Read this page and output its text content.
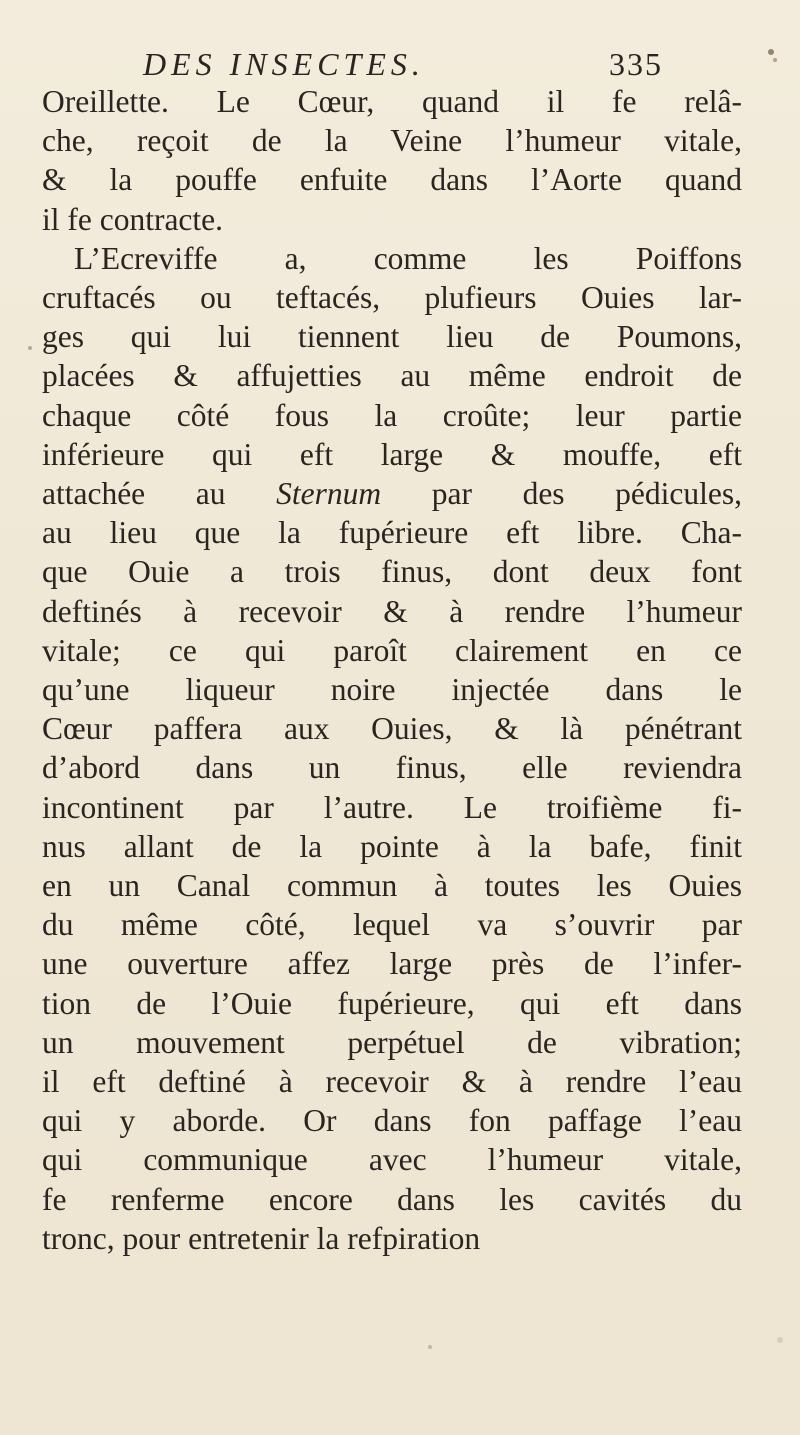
DES INSECTES.	335

Oreillette. Le Cœur, quand il fe relâ-
che, reçoit de la Veine l’humeur vitale,
& la pouffe enfuite dans l’Aorte quand
il fe contracte.
L’Ecreviffe a, comme les Poiffons
cruftacés ou teftacés, plufieurs Ouies lar-
ges qui lui tiennent lieu de Poumons,
placées & affujetties au même endroit de
chaque côté fous la croûte; leur partie
inférieure qui eft large & mouffe, eft
attachée au Sternum par des pédicules,
au lieu que la fupérieure eft libre. Cha-
que Ouie a trois finus, dont deux font
deftinés à recevoir & à rendre l’humeur
vitale; ce qui paroît clairement en ce
qu’une liqueur noire injectée dans le
Cœur paffera aux Ouies, & là pénétrant
d’abord dans un finus, elle reviendra
incontinent par l’autre. Le troifième fi-
nus allant de la pointe à la bafe, finit
en un Canal commun à toutes les Ouies
du même côté, lequel va s’ouvrir par
une ouverture affez large près de l’infer-
tion de l’Ouie fupérieure, qui eft dans
un mouvement perpétuel de vibration;
il eft deftiné à recevoir & à rendre l’eau
qui y aborde. Or dans fon paffage l’eau
qui communique avec l’humeur vitale,
fe renferme encore dans les cavités du
tronc, pour entretenir la refpiration
